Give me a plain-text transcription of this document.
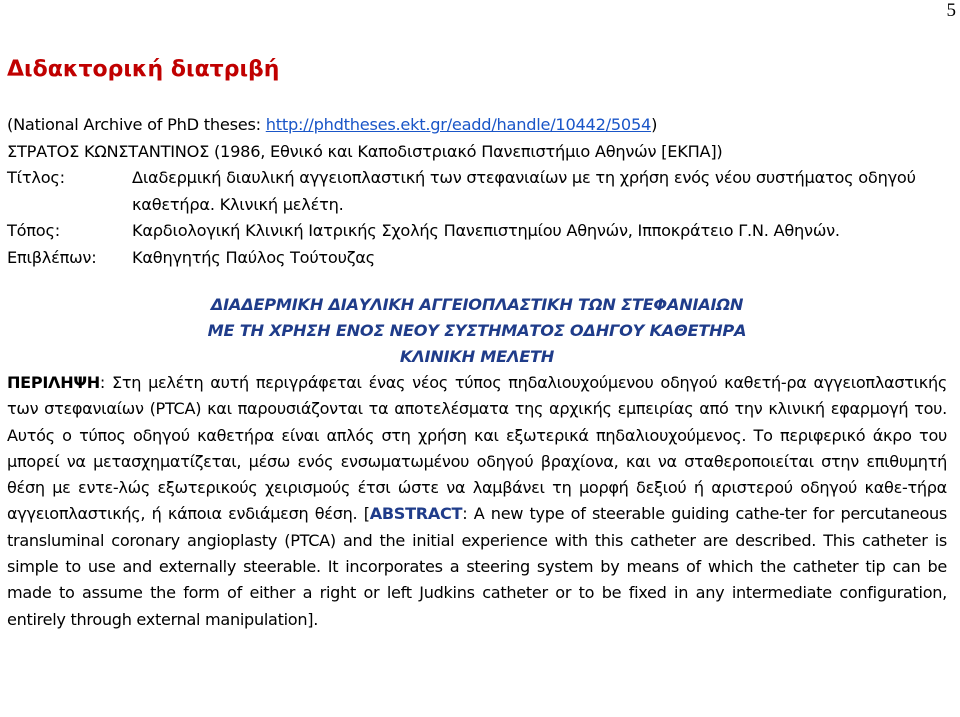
5
Διδακτορική διατριβή
(National Archive of PhD theses: http://phdtheses.ekt.gr/eadd/handle/10442/5054)
ΣΤΡΑΤΟΣ ΚΩΝΣΤΑΝΤΙΝΟΣ (1986, Εθνικό και Καποδιστριακό Πανεπιστήμιο Αθηνών [ΕΚΠΑ])
Τίτλος:	Διαδερμική διαυλική αγγειοπλαστική των στεφανιαίων με τη χρήση ενός νέου συστήματος οδηγού καθετήρα. Κλινική μελέτη.
Τόπος:	Καρδιολογική Κλινική Ιατρικής Σχολής Πανεπιστημίου Αθηνών, Ιπποκράτειο Γ.Ν. Αθηνών.
Επιβλέπων:	Καθηγητής Παύλος Τούτουζας
ΔΙΑΔΕΡΜΙΚΗ ΔΙΑΥΛΙΚΗ ΑΓΓΕΙΟΠΛΑΣΤΙΚΗ ΤΩΝ ΣΤΕΦΑΝΙΑΙΩΝ
ΜΕ ΤΗ ΧΡΗΣΗ ΕΝΟΣ ΝΕΟΥ ΣΥΣΤΗΜΑΤΟΣ ΟΔΗΓΟΥ ΚΑΘΕΤΗΡΑ
ΚΛΙΝΙΚΗ ΜΕΛΕΤΗ
ΠΕΡΙΛΗΨΗ: Στη μελέτη αυτή περιγράφεται ένας νέος τύπος πηδαλιουχούμενου οδηγού καθετή-ρα αγγειοπλαστικής των στεφανιαίων (PTCA) και παρουσιάζονται τα αποτελέσματα της αρχικής εμπειρίας από την κλινική εφαρμογή του. Αυτός ο τύπος οδηγού καθετήρα είναι απλός στη χρήση και εξωτερικά πηδαλιουχούμενος. Το περιφερικό άκρο του μπορεί να μετασχηματίζεται, μέσω ενός ενσωματωμένου οδηγού βραχίονα, και να σταθεροποιείται στην επιθυμητή θέση με εντε-λώς εξωτερικούς χειρισμούς έτσι ώστε να λαμβάνει τη μορφή δεξιού ή αριστερού οδηγού καθε-τήρα αγγειοπλαστικής, ή κάποια ενδιάμεση θέση. [ABSTRACT: A new type of steerable guiding cathe-ter for percutaneous transluminal coronary angioplasty (PTCA) and the initial experience with this catheter are described. This catheter is simple to use and externally steerable. It incorporates a steering system by means of which the catheter tip can be made to assume the form of either a right or left Judkins catheter or to be fixed in any intermediate configuration, entirely through external manipulation].
